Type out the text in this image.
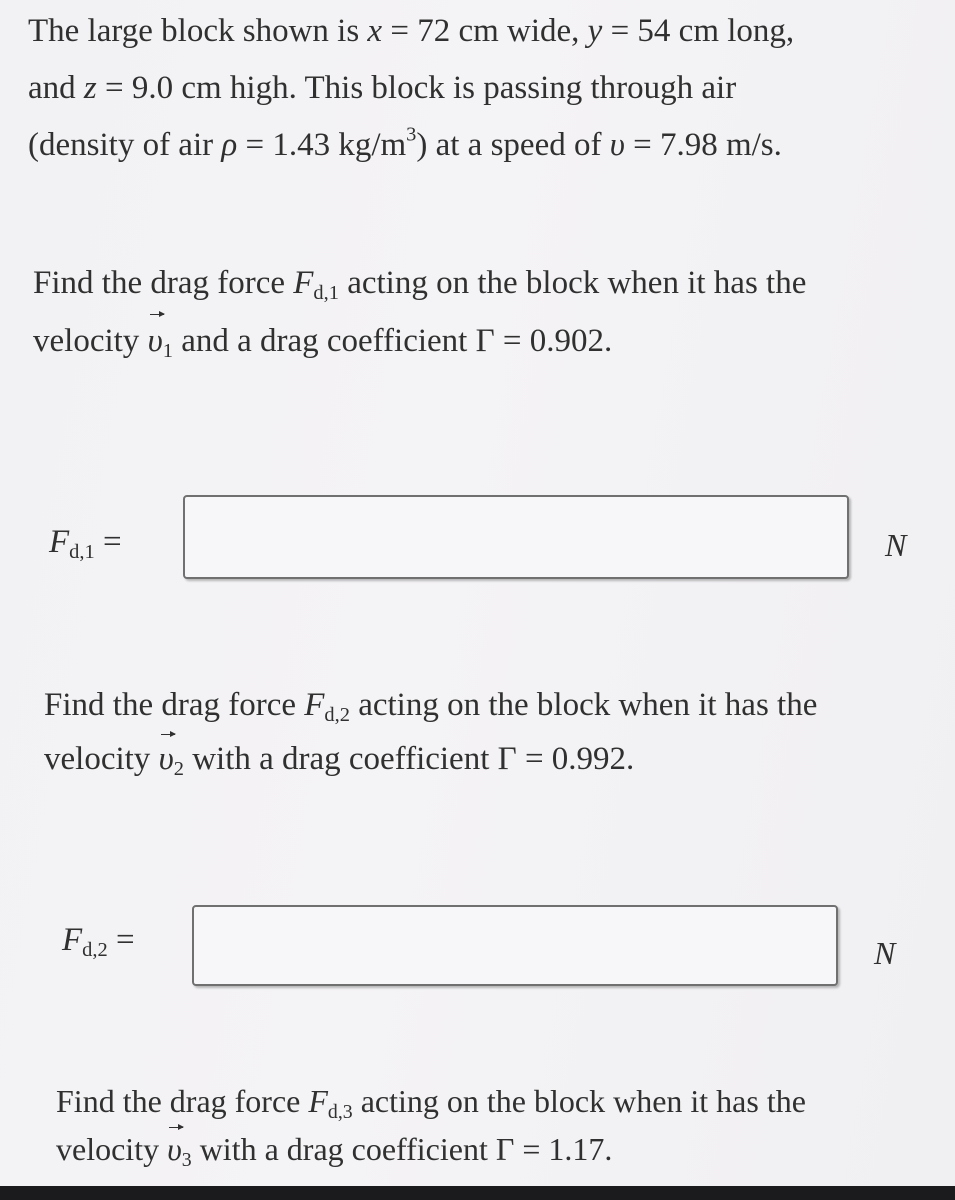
The large block shown is x = 72 cm wide, y = 54 cm long,
and z = 9.0 cm high. This block is passing through air
(density of air ρ = 1.43 $kg/m^3$) at a speed of υ = 7.98 m/s.
Find the drag force $F_{d,1}$ acting on the block when it has the
velocity $\upsilon_1$ and a drag coefficient Γ = 0.902.
$F_{d,1}$ =	N
Find the drag force $F_{d,2}$ acting on the block when it has the
velocity $\upsilon_2$ with a drag coefficient Γ = 0.992.
$F_{d,2}$ =	N
Find the drag force $F_{d,3}$ acting on the block when it has the
velocity $\upsilon_3$ with a drag coefficient Γ = 1.17.
